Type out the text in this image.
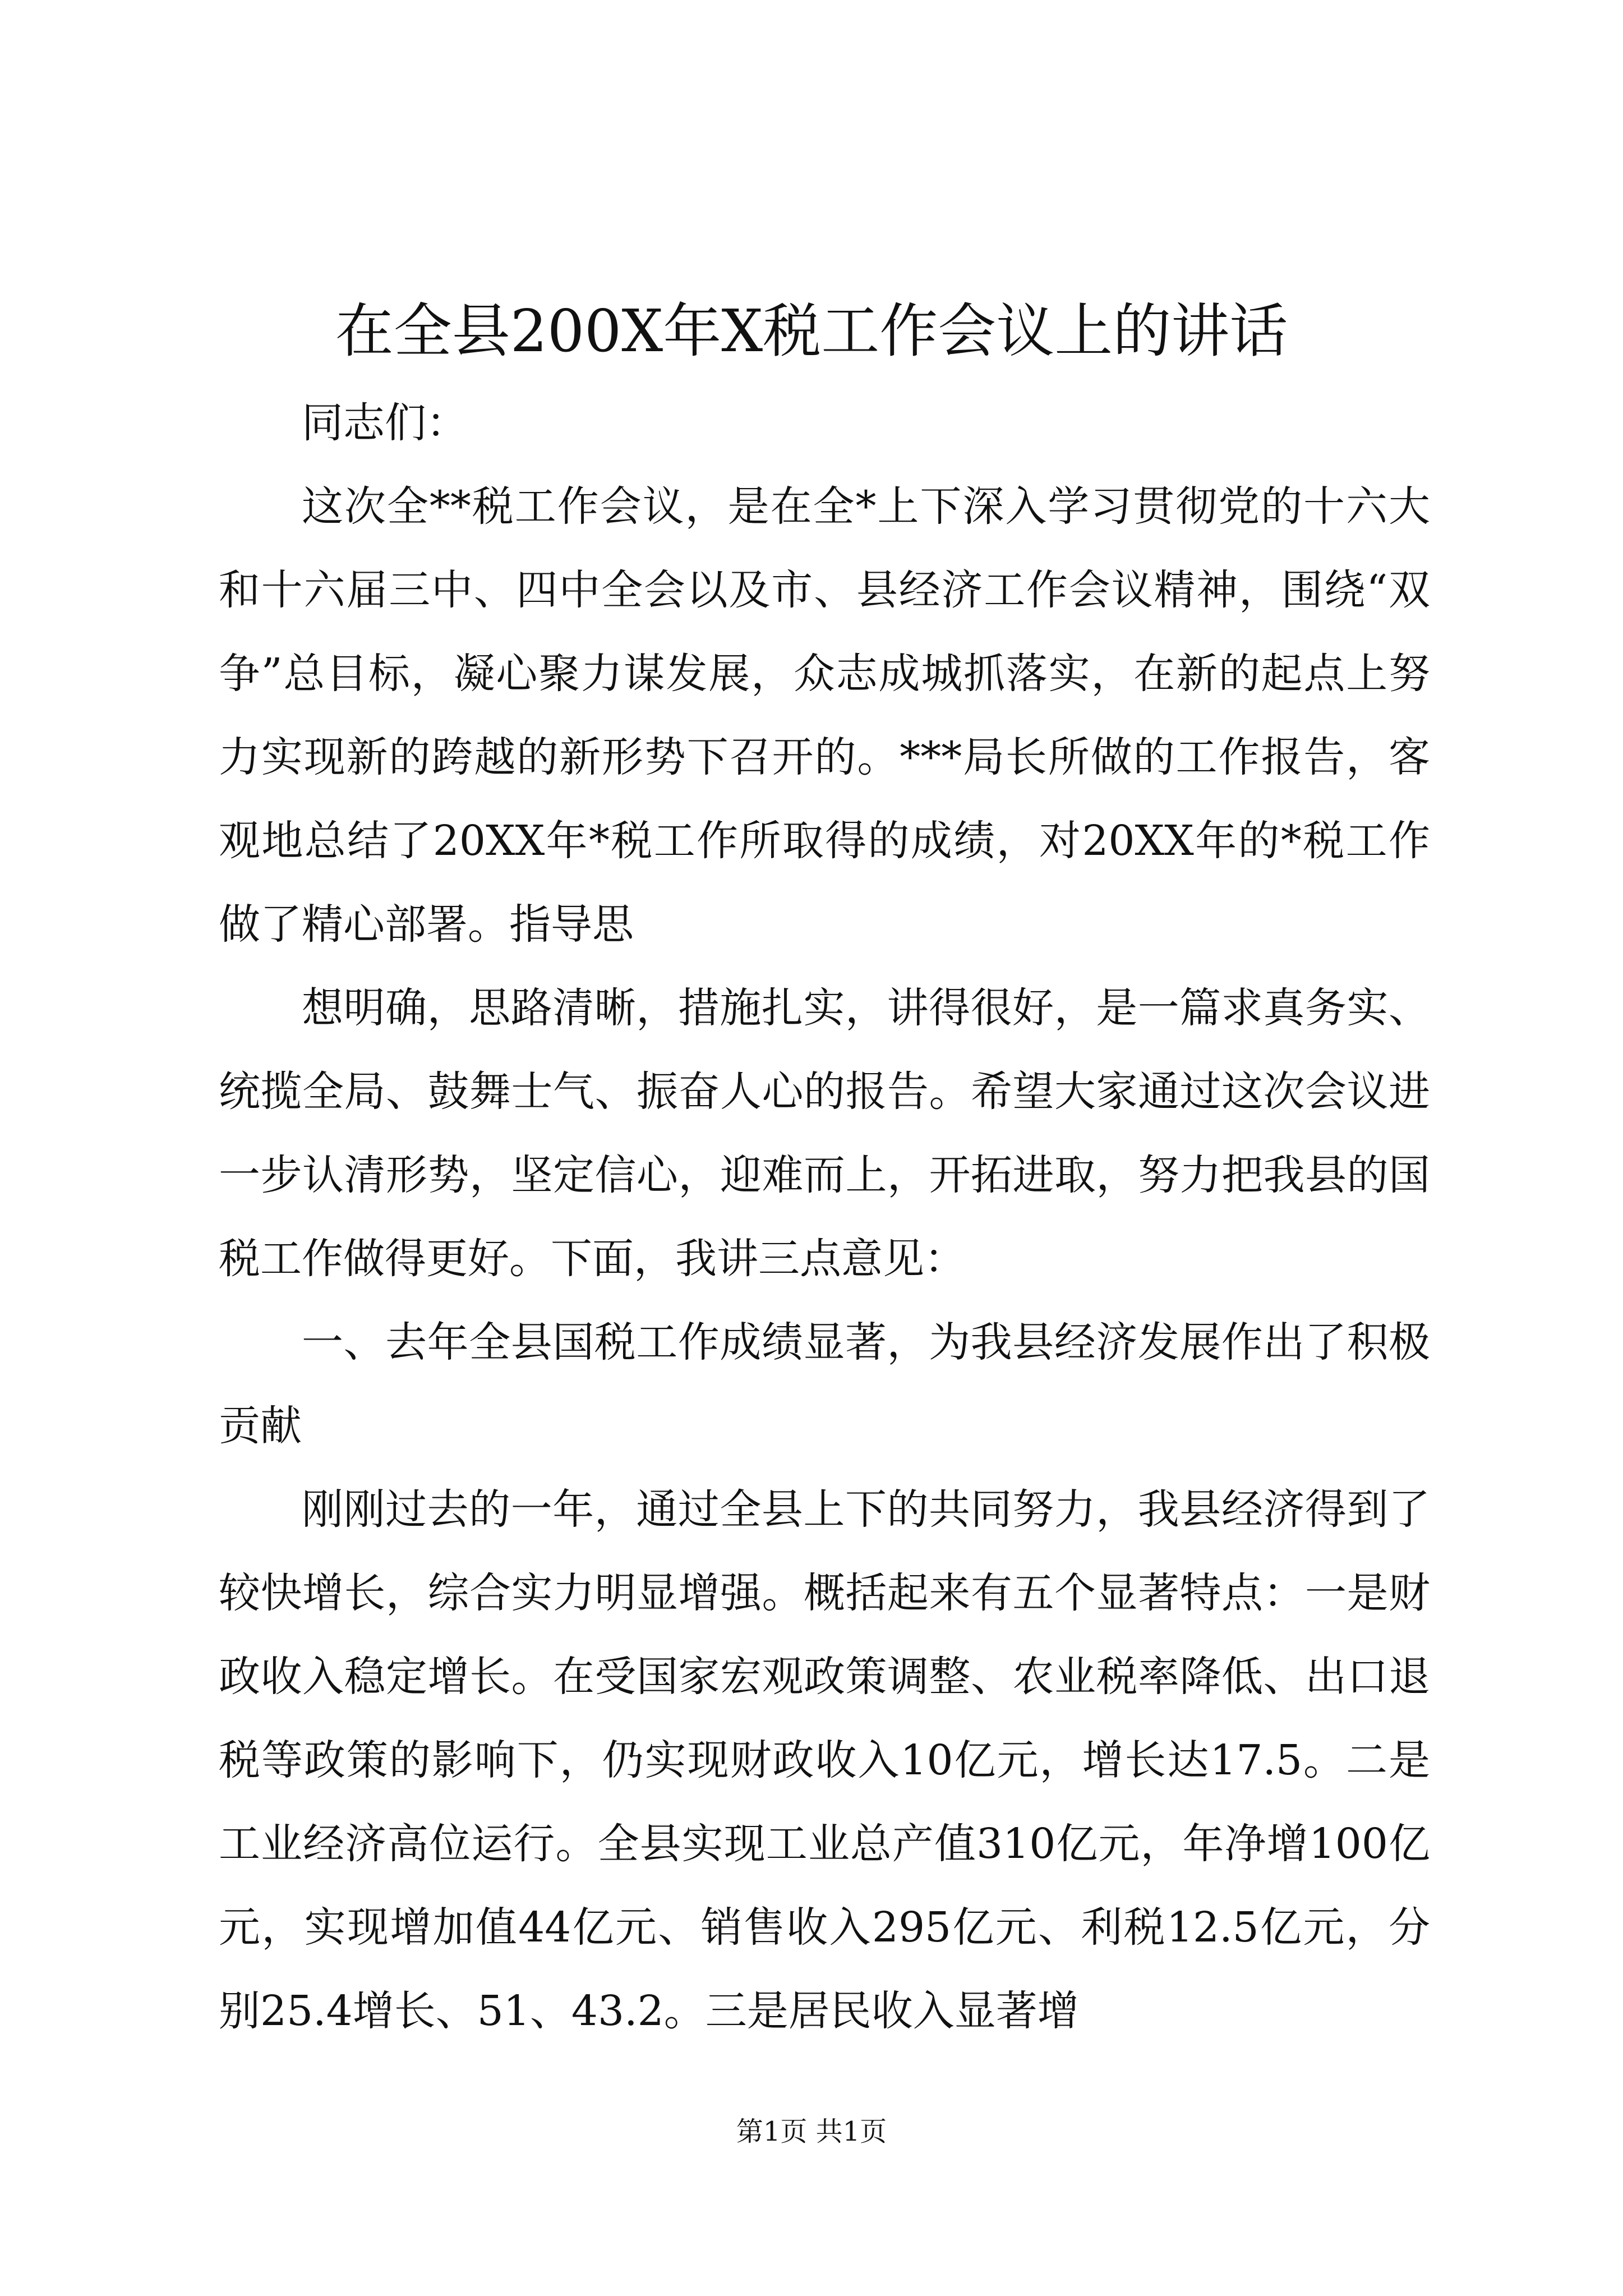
在全县200X年X税工作会议上的讲话

同志们：

这次全**税工作会议，是在全*上下深入学习贯彻党的十六大和十六届三中、四中全会以及市、县经济工作会议精神，围绕“双争”总目标，凝心聚力谋发展，众志成城抓落实，在新的起点上努力实现新的跨越的新形势下召开的。***局长所做的工作报告，客观地总结了20XX年*税工作所取得的成绩，对20XX年的*税工作做了精心部署。指导思

想明确，思路清晰，措施扎实，讲得很好，是一篇求真务实、统揽全局、鼓舞士气、振奋人心的报告。希望大家通过这次会议进一步认清形势，坚定信心，迎难而上，开拓进取，努力把我县的国税工作做得更好。下面，我讲三点意见：

一、去年全县国税工作成绩显著，为我县经济发展作出了积极贡献

刚刚过去的一年，通过全县上下的共同努力，我县经济得到了较快增长，综合实力明显增强。概括起来有五个显著特点：一是财政收入稳定增长。在受国家宏观政策调整、农业税率降低、出口退税等政策的影响下，仍实现财政收入10亿元，增长达17.5。二是工业经济高位运行。全县实现工业总产值310亿元，年净增100亿元，实现增加值44亿元、销售收入295亿元、利税12.5亿元，分别25.4增长、51、43.2。三是居民收入显著增

第1页 共1页
